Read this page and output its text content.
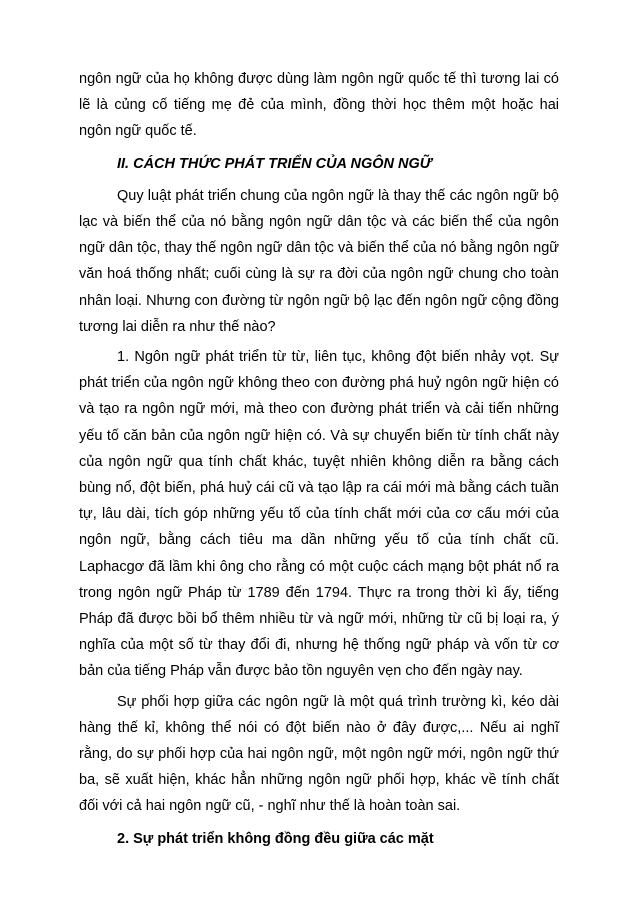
ngôn ngữ của họ không được dùng làm ngôn ngữ quốc tế thì tương lai có lẽ là củng cố tiếng mẹ đẻ của mình, đồng thời học thêm một hoặc hai ngôn ngữ quốc tế.

II. CÁCH THỨC PHÁT TRIỂN CỦA NGÔN NGỮ

Quy luật phát triển chung của ngôn ngữ là thay thế các ngôn ngữ bộ lạc và biến thể của nó bằng ngôn ngữ dân tộc và các biến thể của ngôn ngữ dân tộc, thay thế ngôn ngữ dân tộc và biến thể của nó bằng ngôn ngữ văn hoá thống nhất; cuối cùng là sự ra đời của ngôn ngữ chung cho toàn nhân loại. Nhưng con đường từ ngôn ngữ bộ lạc đến ngôn ngữ cộng đồng tương lai diễn ra như thế nào?

1. Ngôn ngữ phát triển từ từ, liên tục, không đột biến nhảy vọt. Sự phát triển của ngôn ngữ không theo con đường phá huỷ ngôn ngữ hiện có và tạo ra ngôn ngữ mới, mà theo con đường phát triển và cải tiến những yếu tố căn bản của ngôn ngữ hiện có. Và sự chuyển biến từ tính chất này của ngôn ngữ qua tính chất khác, tuyệt nhiên không diễn ra bằng cách bùng nổ, đột biến, phá huỷ cái cũ và tạo lập ra cái mới mà bằng cách tuần tự, lâu dài, tích góp những yếu tố của tính chất mới của cơ cấu mới của ngôn ngữ, bằng cách tiêu ma dần những yếu tố của tính chất cũ. Laphacgơ đã lầm khi ông cho rằng có một cuộc cách mạng bột phát nổ ra trong ngôn ngữ Pháp từ 1789 đến 1794. Thực ra trong thời kì ấy, tiếng Pháp đã được bồi bổ thêm nhiều từ và ngữ mới, những từ cũ bị loại ra, ý nghĩa của một số từ thay đổi đi, nhưng hệ thống ngữ pháp và vốn từ cơ bản của tiếng Pháp vẫn được bảo tồn nguyên vẹn cho đến ngày nay.

Sự phối hợp giữa các ngôn ngữ là một quá trình trường kì, kéo dài hàng thế kỉ, không thể nói có đột biến nào ở đây được,... Nếu ai nghĩ rằng, do sự phối hợp của hai ngôn ngữ, một ngôn ngữ mới, ngôn ngữ thứ ba, sẽ xuất hiện, khác hẳn những ngôn ngữ phối hợp, khác về tính chất đối với cả hai ngôn ngữ cũ, - nghĩ như thế là hoàn toàn sai.

2. Sự phát triển không đồng đều giữa các mặt
